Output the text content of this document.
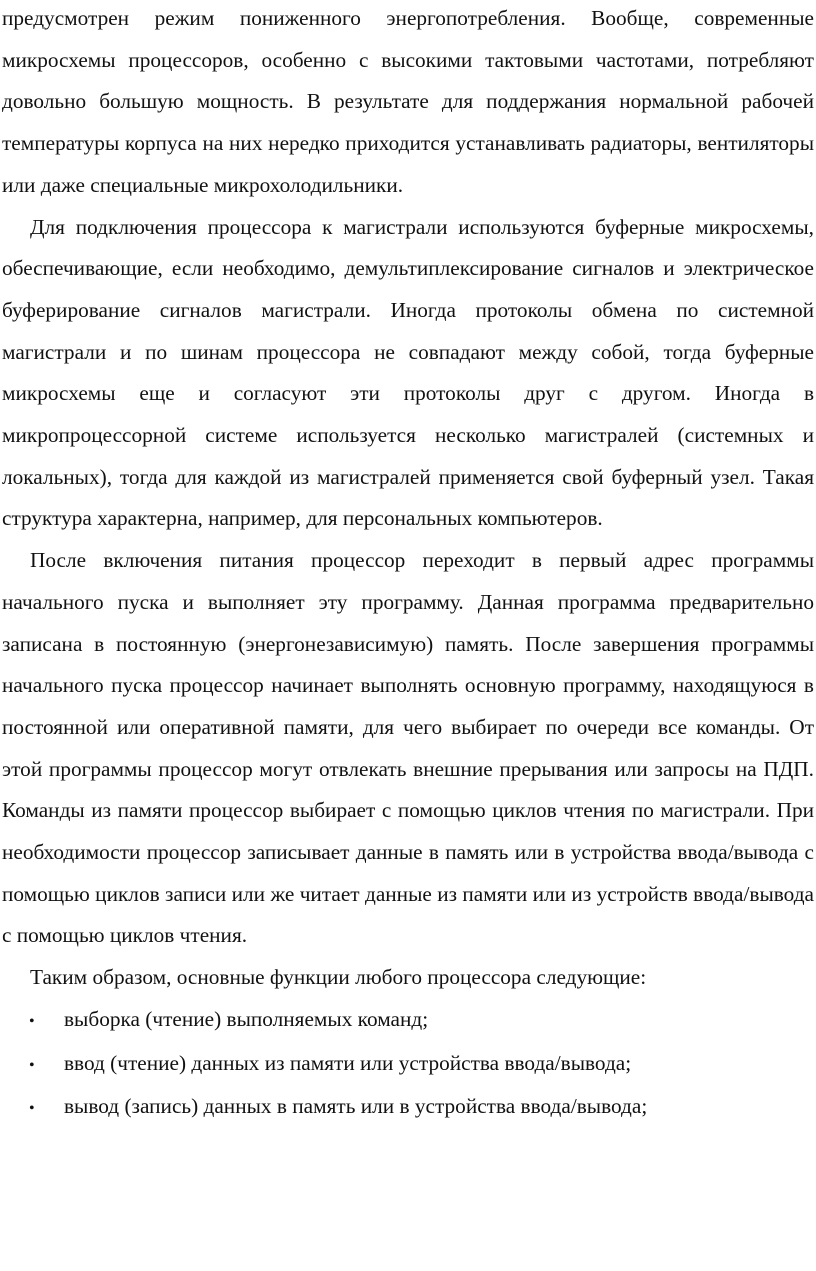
предусмотрен режим пониженного энергопотребления. Вообще, современные микросхемы процессоров, особенно с высокими тактовыми частотами, потребляют довольно большую мощность. В результате для поддержания нормальной рабочей температуры корпуса на них нередко приходится устанавливать радиаторы, вентиляторы или даже специальные микрохолодильники.

Для подключения процессора к магистрали используются буферные микросхемы, обеспечивающие, если необходимо, демультиплексирование сигналов и электрическое буферирование сигналов магистрали. Иногда протоколы обмена по системной магистрали и по шинам процессора не совпадают между собой, тогда буферные микросхемы еще и согласуют эти протоколы друг с другом. Иногда в микропроцессорной системе используется несколько магистралей (системных и локальных), тогда для каждой из магистралей применяется свой буферный узел. Такая структура характерна, например, для персональных компьютеров.

После включения питания процессор переходит в первый адрес программы начального пуска и выполняет эту программу. Данная программа предварительно записана в постоянную (энергонезависимую) память. После завершения программы начального пуска процессор начинает выполнять основную программу, находящуюся в постоянной или оперативной памяти, для чего выбирает по очереди все команды. От этой программы процессор могут отвлекать внешние прерывания или запросы на ПДП. Команды из памяти процессор выбирает с помощью циклов чтения по магистрали. При необходимости процессор записывает данные в память или в устройства ввода/вывода с помощью циклов записи или же читает данные из памяти или из устройств ввода/вывода с помощью циклов чтения.

Таким образом, основные функции любого процессора следующие:

•	выборка (чтение) выполняемых команд;
•	ввод (чтение) данных из памяти или устройства ввода/вывода;
•	вывод (запись) данных в память или в устройства ввода/вывода;
